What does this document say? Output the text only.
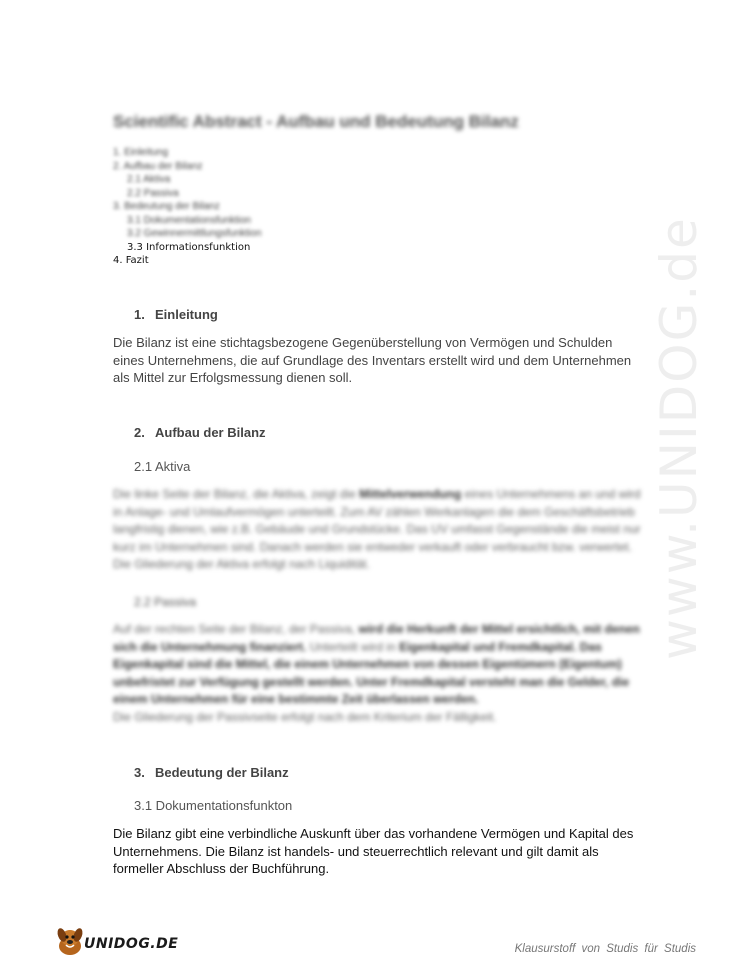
www.UNIDOG.de
Scientific Abstract - Aufbau und Bedeutung Bilanz
1. Einleitung
2. Aufbau der Bilanz
2.1 Aktiva
2.2 Passiva
3. Bedeutung der Bilanz
3.1 Dokumentationsfunktion
3.2 Gewinnermittlungsfunktion
3.3 Informationsfunktion
4. Fazit
1. Einleitung
Die Bilanz ist eine stichtagsbezogene Gegenüberstellung von Vermögen und Schulden eines Unternehmens, die auf Grundlage des Inventars erstellt wird und dem Unternehmen als Mittel zur Erfolgsmessung dienen soll.
2. Aufbau der Bilanz
2.1 Aktiva
Die linke Seite der Bilanz, die Aktiva, zeigt die Mittelverwendung eines Unternehmens an und wird in Anlage- und Umlaufvermögen unterteilt. Zum AV zählen Werkanlagen die dem Geschäftsbetrieb langfristig dienen, wie z.B. Gebäude und Grundstücke. Das UV umfasst Gegenstände die meist nur kurz im Unternehmen sind. Danach werden sie entweder verkauft oder verbraucht bzw. verwertet. Die Gliederung der Aktiva erfolgt nach Liquidität.
2.2 Passiva
Auf der rechten Seite der Bilanz, der Passiva, wird die Herkunft der Mittel ersichtlich, mit denen sich die Unternehmung finanziert. Unterteilt wird in Eigenkapital und Fremdkapital. Das Eigenkapital sind die Mittel, die einem Unternehmen von dessen Eigentümern (Eigentum) unbefristet zur Verfügung gestellt werden. Unter Fremdkapital versteht man die Gelder, die einem Unternehmen für eine bestimmte Zeit überlassen werden.
Die Gliederung der Passivseite erfolgt nach dem Kriterium der Fälligkeit.
3. Bedeutung der Bilanz
3.1 Dokumentationsfunkton
Die Bilanz gibt eine verbindliche Auskunft über das vorhandene Vermögen und Kapital des Unternehmens. Die Bilanz ist handels- und steuerrechtlich relevant und gilt damit als formeller Abschluss der Buchführung.
UNIDOG.DE	Klausurstoff von Studis für Studis
